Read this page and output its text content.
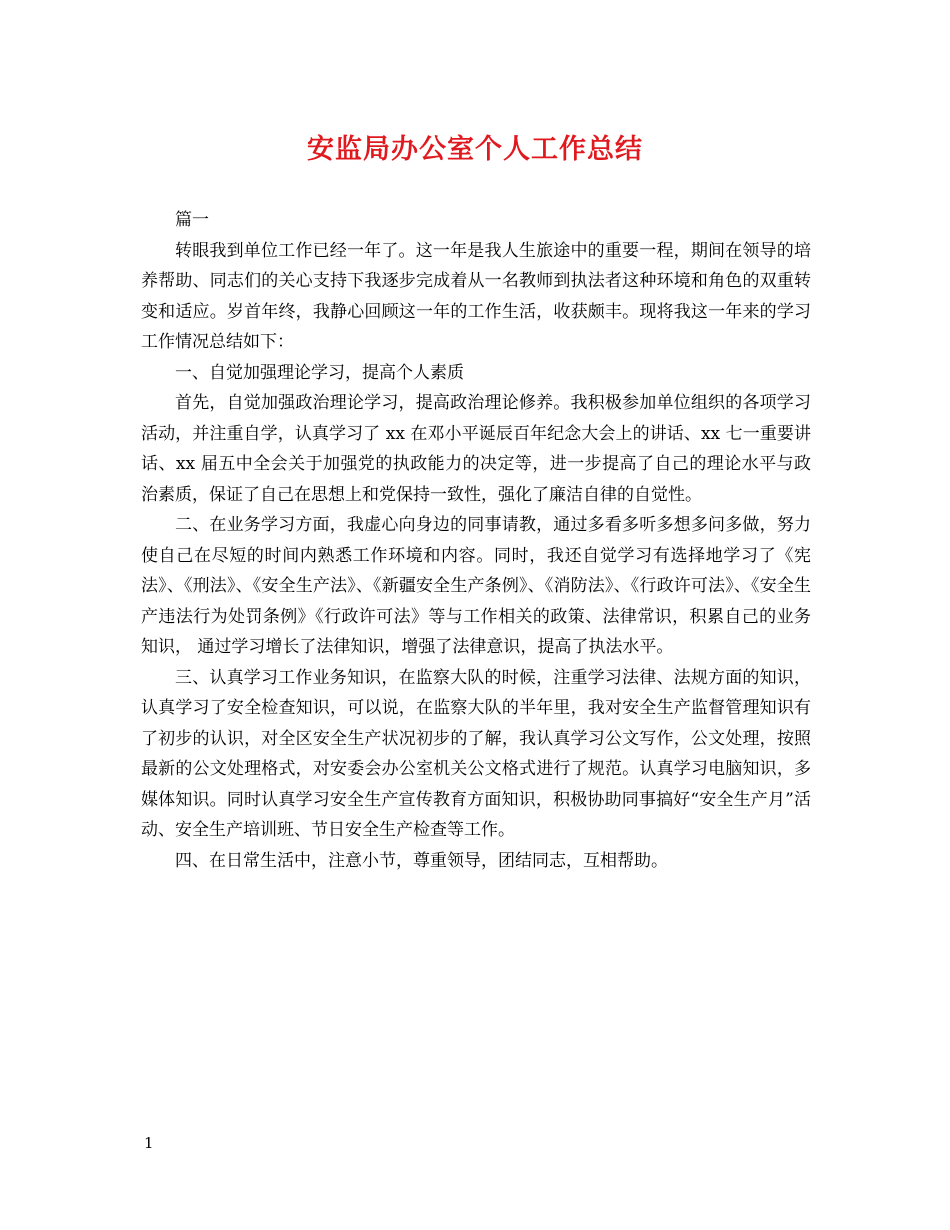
安监局办公室个人工作总结

篇一

转眼我到单位工作已经一年了。这一年是我人生旅途中的重要一程，期间在领导的培养帮助、同志们的关心支持下我逐步完成着从一名教师到执法者这种环境和角色的双重转变和适应。岁首年终，我静心回顾这一年的工作生活，收获颇丰。现将我这一年来的学习工作情况总结如下：

一、自觉加强理论学习，提高个人素质

首先，自觉加强政治理论学习，提高政治理论修养。我积极参加单位组织的各项学习活动，并注重自学，认真学习了 xx 在邓小平诞辰百年纪念大会上的讲话、xx 七一重要讲话、xx 届五中全会关于加强党的执政能力的决定等，进一步提高了自己的理论水平与政治素质，保证了自己在思想上和党保持一致性，强化了廉洁自律的自觉性。

二、在业务学习方面，我虚心向身边的同事请教，通过多看多听多想多问多做，努力使自己在尽短的时间内熟悉工作环境和内容。同时，我还自觉学习有选择地学习了《宪法》、《刑法》、《安全生产法》、《新疆安全生产条例》、《消防法》、《行政许可法》、《安全生产违法行为处罚条例》《行政许可法》等与工作相关的政策、法律常识，积累自己的业务知识， 通过学习增长了法律知识，增强了法律意识，提高了执法水平。

三、认真学习工作业务知识，在监察大队的时候，注重学习法律、法规方面的知识，认真学习了安全检查知识，可以说，在监察大队的半年里，我对安全生产监督管理知识有了初步的认识，对全区安全生产状况初步的了解，我认真学习公文写作，公文处理，按照最新的公文处理格式，对安委会办公室机关公文格式进行了规范。认真学习电脑知识，多媒体知识。同时认真学习安全生产宣传教育方面知识，积极协助同事搞好“安全生产月”活动、安全生产培训班、节日安全生产检查等工作。

四、在日常生活中，注意小节，尊重领导，团结同志，互相帮助。

1
